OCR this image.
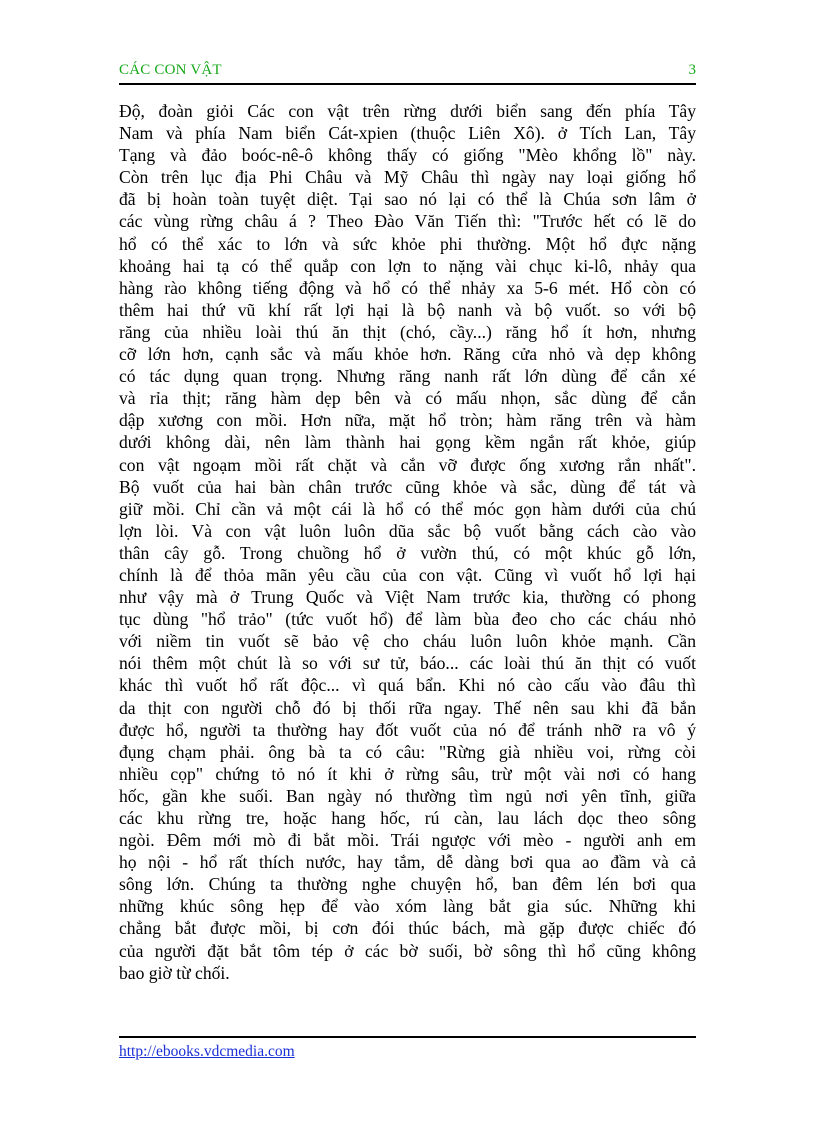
CÁC CON VẬT	3
Độ, đoàn giỏi Các con vật trên rừng dưới biển sang đến phía Tây
Nam và phía Nam biển Cát-xpien (thuộc Liên Xô). ở Tích Lan, Tây
Tạng và đảo boóc-nê-ô không thấy có giống "Mèo khổng lồ" này.
Còn trên lục địa Phi Châu và Mỹ Châu thì ngày nay loại giống hổ
đã bị hoàn toàn tuyệt diệt. Tại sao nó lại có thể là Chúa sơn lâm ở
các vùng rừng châu á ? Theo Đào Văn Tiến thì: "Trước hết có lẽ do
hổ có thể xác to lớn và sức khỏe phi thường. Một hổ đực nặng
khoảng hai tạ có thể quắp con lợn to nặng vài chục ki-lô, nhảy qua
hàng rào không tiếng động và hổ có thể nhảy xa 5-6 mét. Hổ còn có
thêm hai thứ vũ khí rất lợi hại là bộ nanh và bộ vuốt. so với bộ
răng của nhiều loài thú ăn thịt (chó, cầy...) răng hổ ít hơn, nhưng
cỡ lớn hơn, cạnh sắc và mấu khỏe hơn. Răng cửa nhỏ và dẹp không
có tác dụng quan trọng. Nhưng răng nanh rất lớn dùng để cắn xé
và rỉa thịt; răng hàm dẹp bên và có mấu nhọn, sắc dùng để cắn
dập xương con mồi. Hơn nữa, mặt hổ tròn; hàm răng trên và hàm
dưới không dài, nên làm thành hai gọng kềm ngắn rất khỏe, giúp
con vật ngoạm mồi rất chặt và cắn vỡ được ống xương rắn nhất".
Bộ vuốt của hai bàn chân trước cũng khỏe và sắc, dùng để tát và
giữ mồi. Chỉ cần vả một cái là hổ có thể móc gọn hàm dưới của chú
lợn lòi. Và con vật luôn luôn dũa sắc bộ vuốt bằng cách cào vào
thân cây gỗ. Trong chuồng hổ ở vườn thú, có một khúc gỗ lớn,
chính là để thỏa mãn yêu cầu của con vật. Cũng vì vuốt hổ lợi hại
như vậy mà ở Trung Quốc và Việt Nam trước kia, thường có phong
tục dùng "hổ trảo" (tức vuốt hổ) để làm bùa đeo cho các cháu nhỏ
với niềm tin vuốt sẽ bảo vệ cho cháu luôn luôn khỏe mạnh. Cần
nói thêm một chút là so với sư tử, báo... các loài thú ăn thịt có vuốt
khác thì vuốt hổ rất độc... vì quá bẩn. Khi nó cào cấu vào đâu thì
da thịt con người chỗ đó bị thối rữa ngay. Thế nên sau khi đã bắn
được hổ, người ta thường hay đốt vuốt của nó để tránh nhỡ ra vô ý
đụng chạm phải. ông bà ta có câu: "Rừng già nhiều voi, rừng còi
nhiều cọp" chứng tỏ nó ít khi ở rừng sâu, trừ một vài nơi có hang
hốc, gần khe suối. Ban ngày nó thường tìm ngủ nơi yên tĩnh, giữa
các khu rừng tre, hoặc hang hốc, rú càn, lau lách dọc theo sông
ngòi. Đêm mới mò đi bắt mồi. Trái ngược với mèo - người anh em
họ nội - hổ rất thích nước, hay tắm, dễ dàng bơi qua ao đầm và cả
sông lớn. Chúng ta thường nghe chuyện hổ, ban đêm lén bơi qua
những khúc sông hẹp để vào xóm làng bắt gia súc. Những khi
chẳng bắt được mồi, bị cơn đói thúc bách, mà gặp được chiếc đó
của người đặt bắt tôm tép ở các bờ suối, bờ sông thì hổ cũng không
bao giờ từ chối.
http://ebooks.vdcmedia.com
